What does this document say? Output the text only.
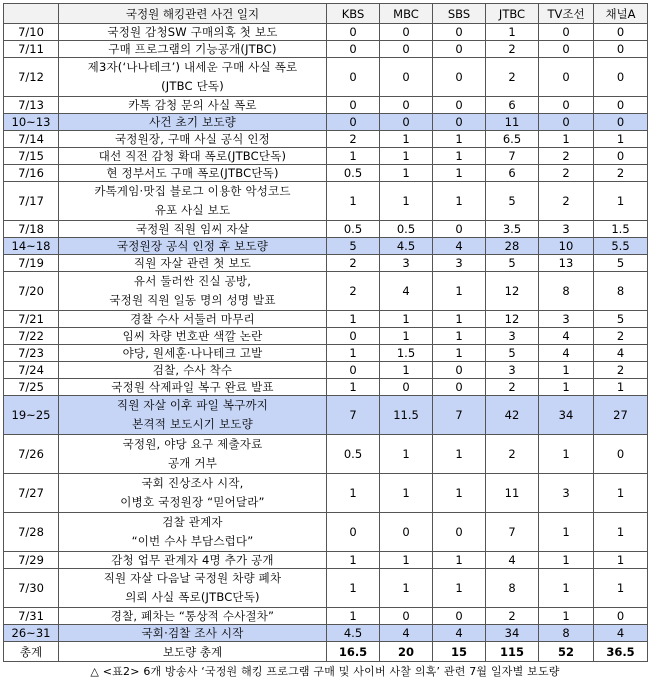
	국정원 해킹관련 사건 일지	KBS	MBC	SBS	JTBC	TV조선	채널A
7/10	국정원 감청SW 구매의혹 첫 보도	0	0	0	1	0	0
7/11	구매 프로그램의 기능공개(JTBC)	0	0	0	2	0	0
7/12	제3자(‘나나테크’) 내세운 구매 사실 폭로
(JTBC 단독)	0	0	0	2	0	0
7/13	카톡 감청 문의 사실 폭로	0	0	0	6	0	0
10~13	사건 초기 보도량	0	0	0	11	0	0
7/14	국정원장, 구매 사실 공식 인정	2	1	1	6.5	1	1
7/15	대선 직전 감청 확대 폭로(JTBC단독)	1	1	1	7	2	0
7/16	현 정부서도 구매 폭로(JTBC단독)	0.5	1	1	6	2	2
7/17	카톡게임·맛집 블로그 이용한 악성코드
유포 사실 보도	1	1	1	5	2	1
7/18	국정원 직원 임씨 자살	0.5	0.5	0	3.5	3	1.5
14~18	국정원장 공식 인정 후 보도량	5	4.5	4	28	10	5.5
7/19	직원 자살 관련 첫 보도	2	3	3	5	13	5
7/20	유서 둘러싼 진실 공방,
국정원 직원 일동 명의 성명 발표	2	4	1	12	8	8
7/21	경찰 수사 서둘러 마무리	1	1	1	12	3	5
7/22	임씨 차량 번호판 색깔 논란	0	1	1	3	4	2
7/23	야당, 원세훈·나나테크 고발	1	1.5	1	5	4	4
7/24	검찰, 수사 착수	0	1	0	3	1	2
7/25	국정원 삭제파일 복구 완료 발표	1	0	0	2	1	1
19~25	직원 자살 이후 파일 복구까지
본격적 보도시기 보도량	7	11.5	7	42	34	27
7/26	국정원, 야당 요구 제출자료
공개 거부	0.5	1	1	2	1	0
7/27	국회 진상조사 시작,
이병호 국정원장 “믿어달라”	1	1	1	11	3	1
7/28	검찰 관계자
“이번 수사 부담스럽다”	0	0	0	7	1	1
7/29	감청 업무 관계자 4명 추가 공개	1	1	1	4	1	1
7/30	직원 자살 다음날 국정원 차량 폐차
의뢰 사실 폭로(JTBC단독)	1	1	1	8	1	1
7/31	경찰, 폐차는 “통상적 수사절차”	1	0	0	2	1	0
26~31	국회·검찰 조사 시작	4.5	4	4	34	8	4
총계	보도량 총계	16.5	20	15	115	52	36.5
△ <표2> 6개 방송사 ‘국정원 해킹 프로그램 구매 및 사이버 사찰 의혹’ 관련 7월 일자별 보도량
